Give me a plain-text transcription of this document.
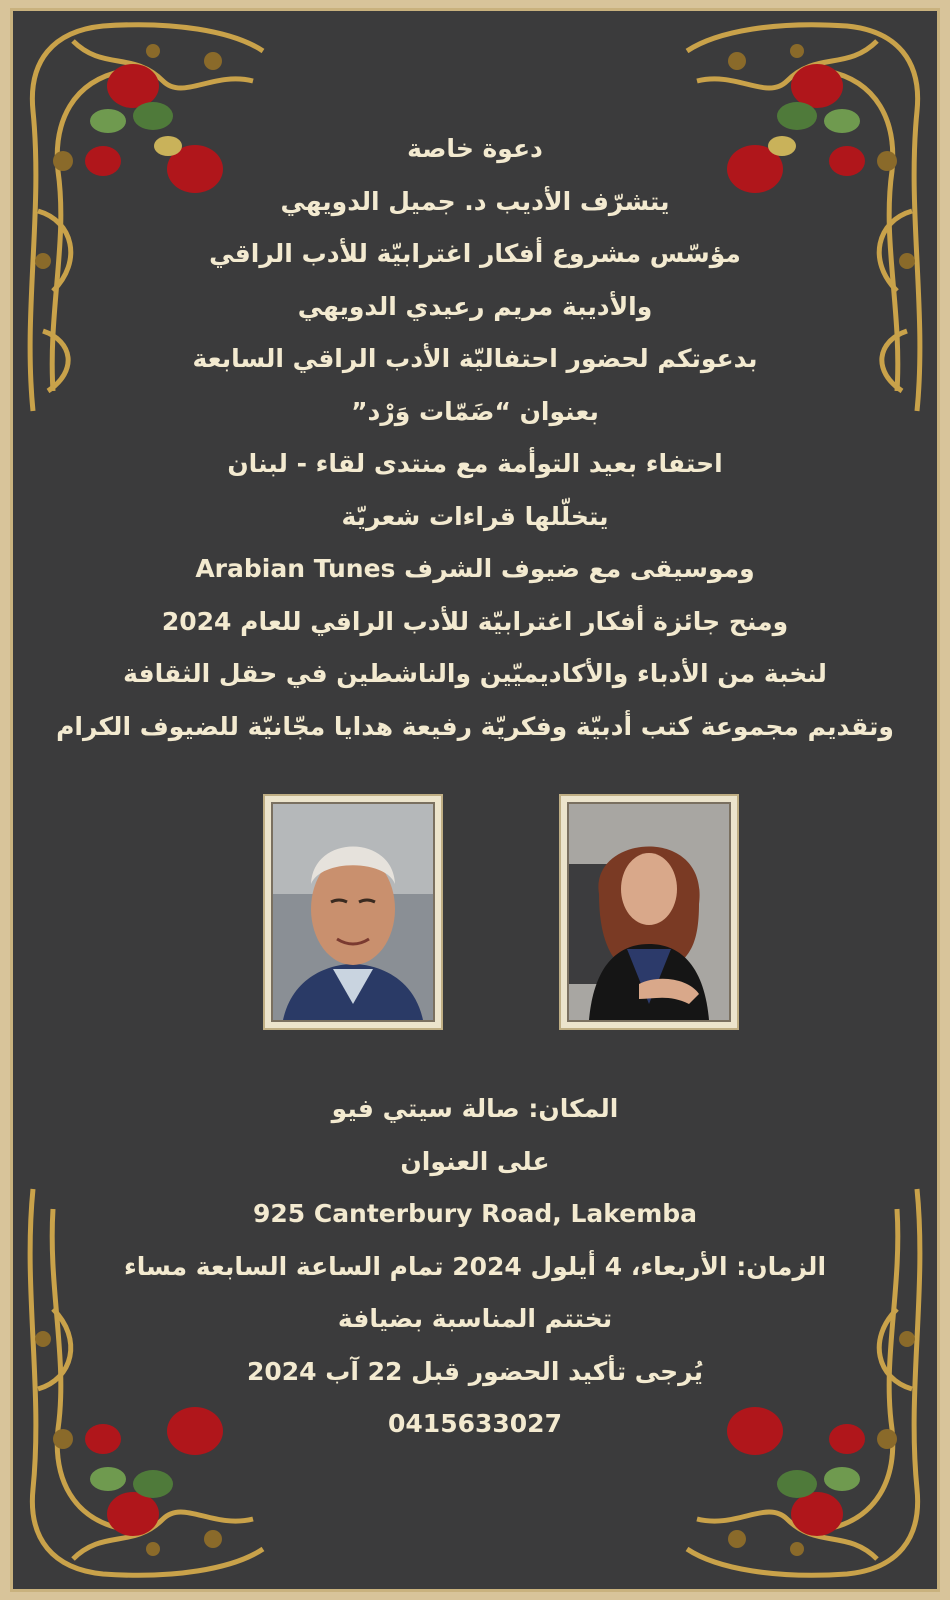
دعوة خاصة
يتشرّف الأديب د. جميل الدويهي
مؤسّس مشروع أفكار اغترابيّة للأدب الراقي
والأديبة مريم رعيدي الدويهي
بدعوتكم لحضور احتفاليّة الأدب الراقي السابعة
بعنوان “ضَمّات وَرْد”
احتفاء بعيد التوأمة مع منتدى لقاء - لبنان
يتخلّلها قراءات شعريّة
وموسيقى مع ضيوف الشرف Arabian Tunes
ومنح جائزة أفكار اغترابيّة للأدب الراقي للعام 2024
لنخبة من الأدباء والأكاديميّين والناشطين في حقل الثقافة
وتقديم مجموعة كتب أدبيّة وفكريّة رفيعة هدايا مجّانيّة للضيوف الكرام
المكان: صالة سيتي فيو
على العنوان
925 Canterbury Road, Lakemba
الزمان: الأربعاء، 4 أيلول 2024 تمام الساعة السابعة مساء
تختتم المناسبة بضيافة
يُرجى تأكيد الحضور قبل 22 آب 2024
0415633027
